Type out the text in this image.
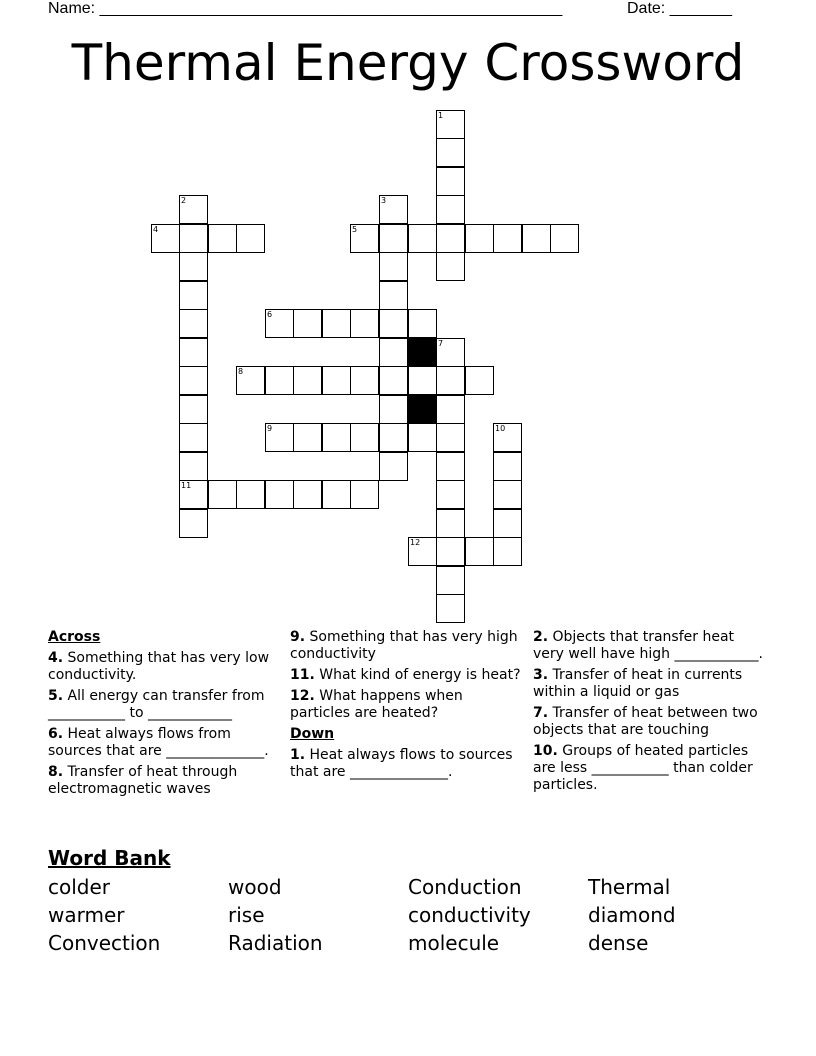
Name: ____________________________________________________	Date: _______
Thermal Energy Crossword
1
2	3
4	5
6
7
8
9	10
11
12
Across
4. Something that has very low conductivity.
5. All energy can transfer from ___________ to ____________
6. Heat always flows from sources that are ______________.
8. Transfer of heat through electromagnetic waves
9. Something that has very high conductivity
11. What kind of energy is heat?
12. What happens when particles are heated?
Down
1. Heat always flows to sources that are ______________.
2. Objects that transfer heat very well have high ____________.
3. Transfer of heat in currents within a liquid or gas
7. Transfer of heat between two objects that are touching
10. Groups of heated particles are less ___________ than colder particles.
Word Bank
colder	wood	Conduction	Thermal
warmer	rise	conductivity	diamond
Convection	Radiation	molecule	dense
